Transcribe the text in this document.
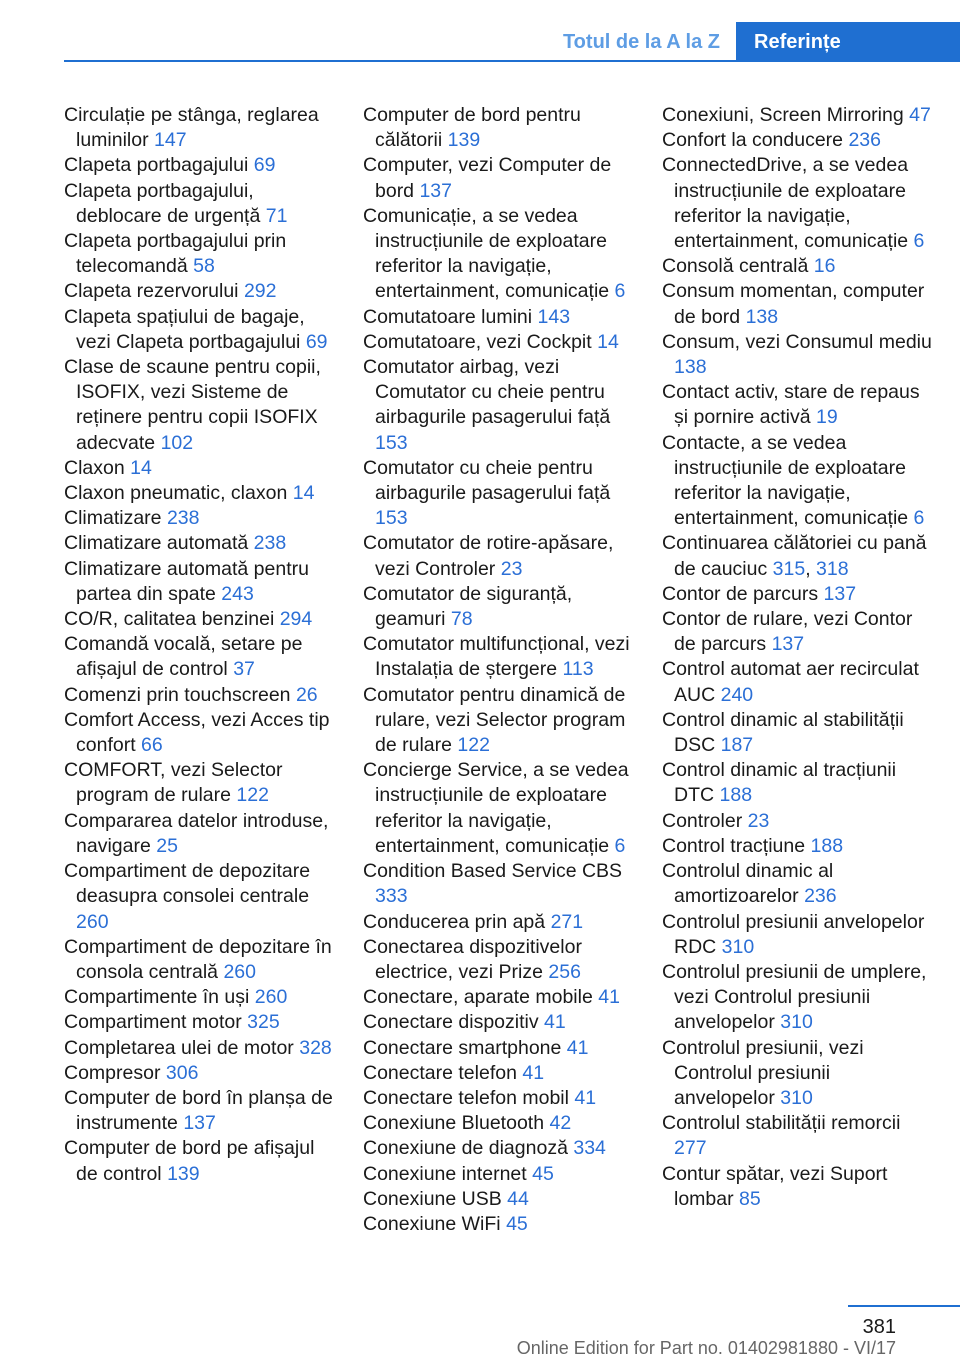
Totul de la A la Z	Referințe
Circulație pe stânga, reglarea luminilor 147
Clapeta portbagajului 69
Clapeta portbagajului, deblocare de urgență 71
Clapeta portbagajului prin telecomandă 58
Clapeta rezervorului 292
Clapeta spațiului de bagaje, vezi Clapeta portbagajului 69
Clase de scaune pentru copii, ISOFIX, vezi Sisteme de reținere pentru copii ISOFIX adecvate 102
Claxon 14
Claxon pneumatic, claxon 14
Climatizare 238
Climatizare automată 238
Climatizare automată pentru partea din spate 243
CO/R, calitatea benzinei 294
Comandă vocală, setare pe afișajul de control 37
Comenzi prin touchscreen 26
Comfort Access, vezi Acces tip confort 66
COMFORT, vezi Selector program de rulare 122
Compararea datelor introduse, navigare 25
Compartiment de depozitare deasupra consolei centrale 260
Compartiment de depozitare în consola centrală 260
Compartimente în uși 260
Compartiment motor 325
Completarea ulei de motor 328
Compresor 306
Computer de bord în planșa de instrumente 137
Computer de bord pe afișajul de control 139
Computer de bord pentru călătorii 139
Computer, vezi Computer de bord 137
Comunicație, a se vedea instrucțiunile de exploatare referitor la navigație, entertainment, comunicație 6
Comutatoare lumini 143
Comutatoare, vezi Cockpit 14
Comutator airbag, vezi Comutator cu cheie pentru airbagurile pasagerului față 153
Comutator cu cheie pentru airbagurile pasagerului față 153
Comutator de rotire-apăsare, vezi Controler 23
Comutator de siguranță, geamuri 78
Comutator multifuncțional, vezi Instalația de ștergere 113
Comutator pentru dinamică de rulare, vezi Selector program de rulare 122
Concierge Service, a se vedea instrucțiunile de exploatare referitor la navigație, entertainment, comunicație 6
Condition Based Service CBS 333
Conducerea prin apă 271
Conectarea dispozitivelor electrice, vezi Prize 256
Conectare, aparate mobile 41
Conectare dispozitiv 41
Conectare smartphone 41
Conectare telefon 41
Conectare telefon mobil 41
Conexiune Bluetooth 42
Conexiune de diagnoză 334
Conexiune internet 45
Conexiune USB 44
Conexiune WiFi 45
Conexiuni, Screen Mirroring 47
Confort la conducere 236
ConnectedDrive, a se vedea instrucțiunile de exploatare referitor la navigație, entertainment, comunicație 6
Consolă centrală 16
Consum momentan, computer de bord 138
Consum, vezi Consumul mediu 138
Contact activ, stare de repaus și pornire activă 19
Contacte, a se vedea instrucțiunile de exploatare referitor la navigație, entertainment, comunicație 6
Continuarea călătoriei cu pană de cauciuc 315, 318
Contor de parcurs 137
Contor de rulare, vezi Contor de parcurs 137
Control automat aer recirculat AUC 240
Control dinamic al stabilității DSC 187
Control dinamic al tracțiunii DTC 188
Controler 23
Control tracțiune 188
Controlul dinamic al amortizoarelor 236
Controlul presiunii anvelopelor RDC 310
Controlul presiunii de umplere, vezi Controlul presiunii anvelopelor 310
Controlul presiunii, vezi Controlul presiunii anvelopelor 310
Controlul stabilității remorcii 277
Contur spătar, vezi Suport lombar 85
381
Online Edition for Part no. 01402981880 - VI/17
